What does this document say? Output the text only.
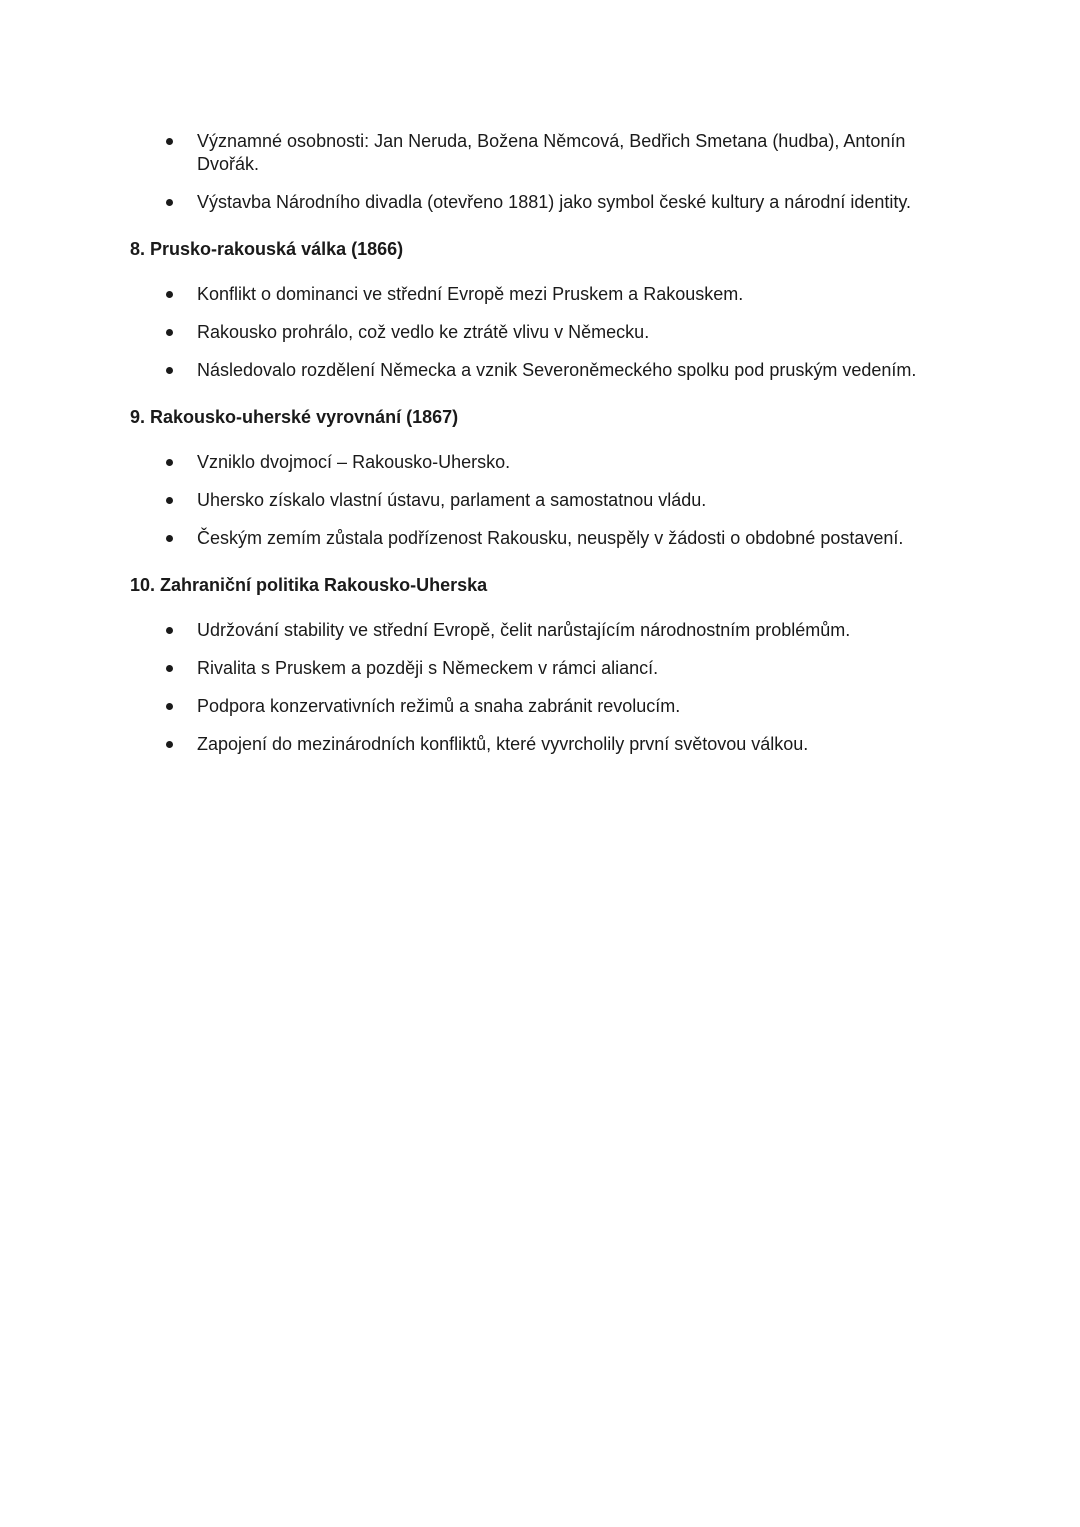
Významné osobnosti: Jan Neruda, Božena Němcová, Bedřich Smetana (hudba), Antonín Dvořák.
Výstavba Národního divadla (otevřeno 1881) jako symbol české kultury a národní identity.
8. Prusko-rakouská válka (1866)
Konflikt o dominanci ve střední Evropě mezi Pruskem a Rakouskem.
Rakousko prohrálo, což vedlo ke ztrátě vlivu v Německu.
Následovalo rozdělení Německa a vznik Severoněmeckého spolku pod pruským vedením.
9. Rakousko-uherské vyrovnání (1867)
Vzniklo dvojmocí – Rakousko-Uhersko.
Uhersko získalo vlastní ústavu, parlament a samostatnou vládu.
Českým zemím zůstala podřízenost Rakousku, neuspěly v žádosti o obdobné postavení.
10. Zahraniční politika Rakousko-Uherska
Udržování stability ve střední Evropě, čelit narůstajícím národnostním problémům.
Rivalita s Pruskem a později s Německem v rámci aliancí.
Podpora konzervativních režimů a snaha zabránit revolucím.
Zapojení do mezinárodních konfliktů, které vyvrcholily první světovou válkou.
